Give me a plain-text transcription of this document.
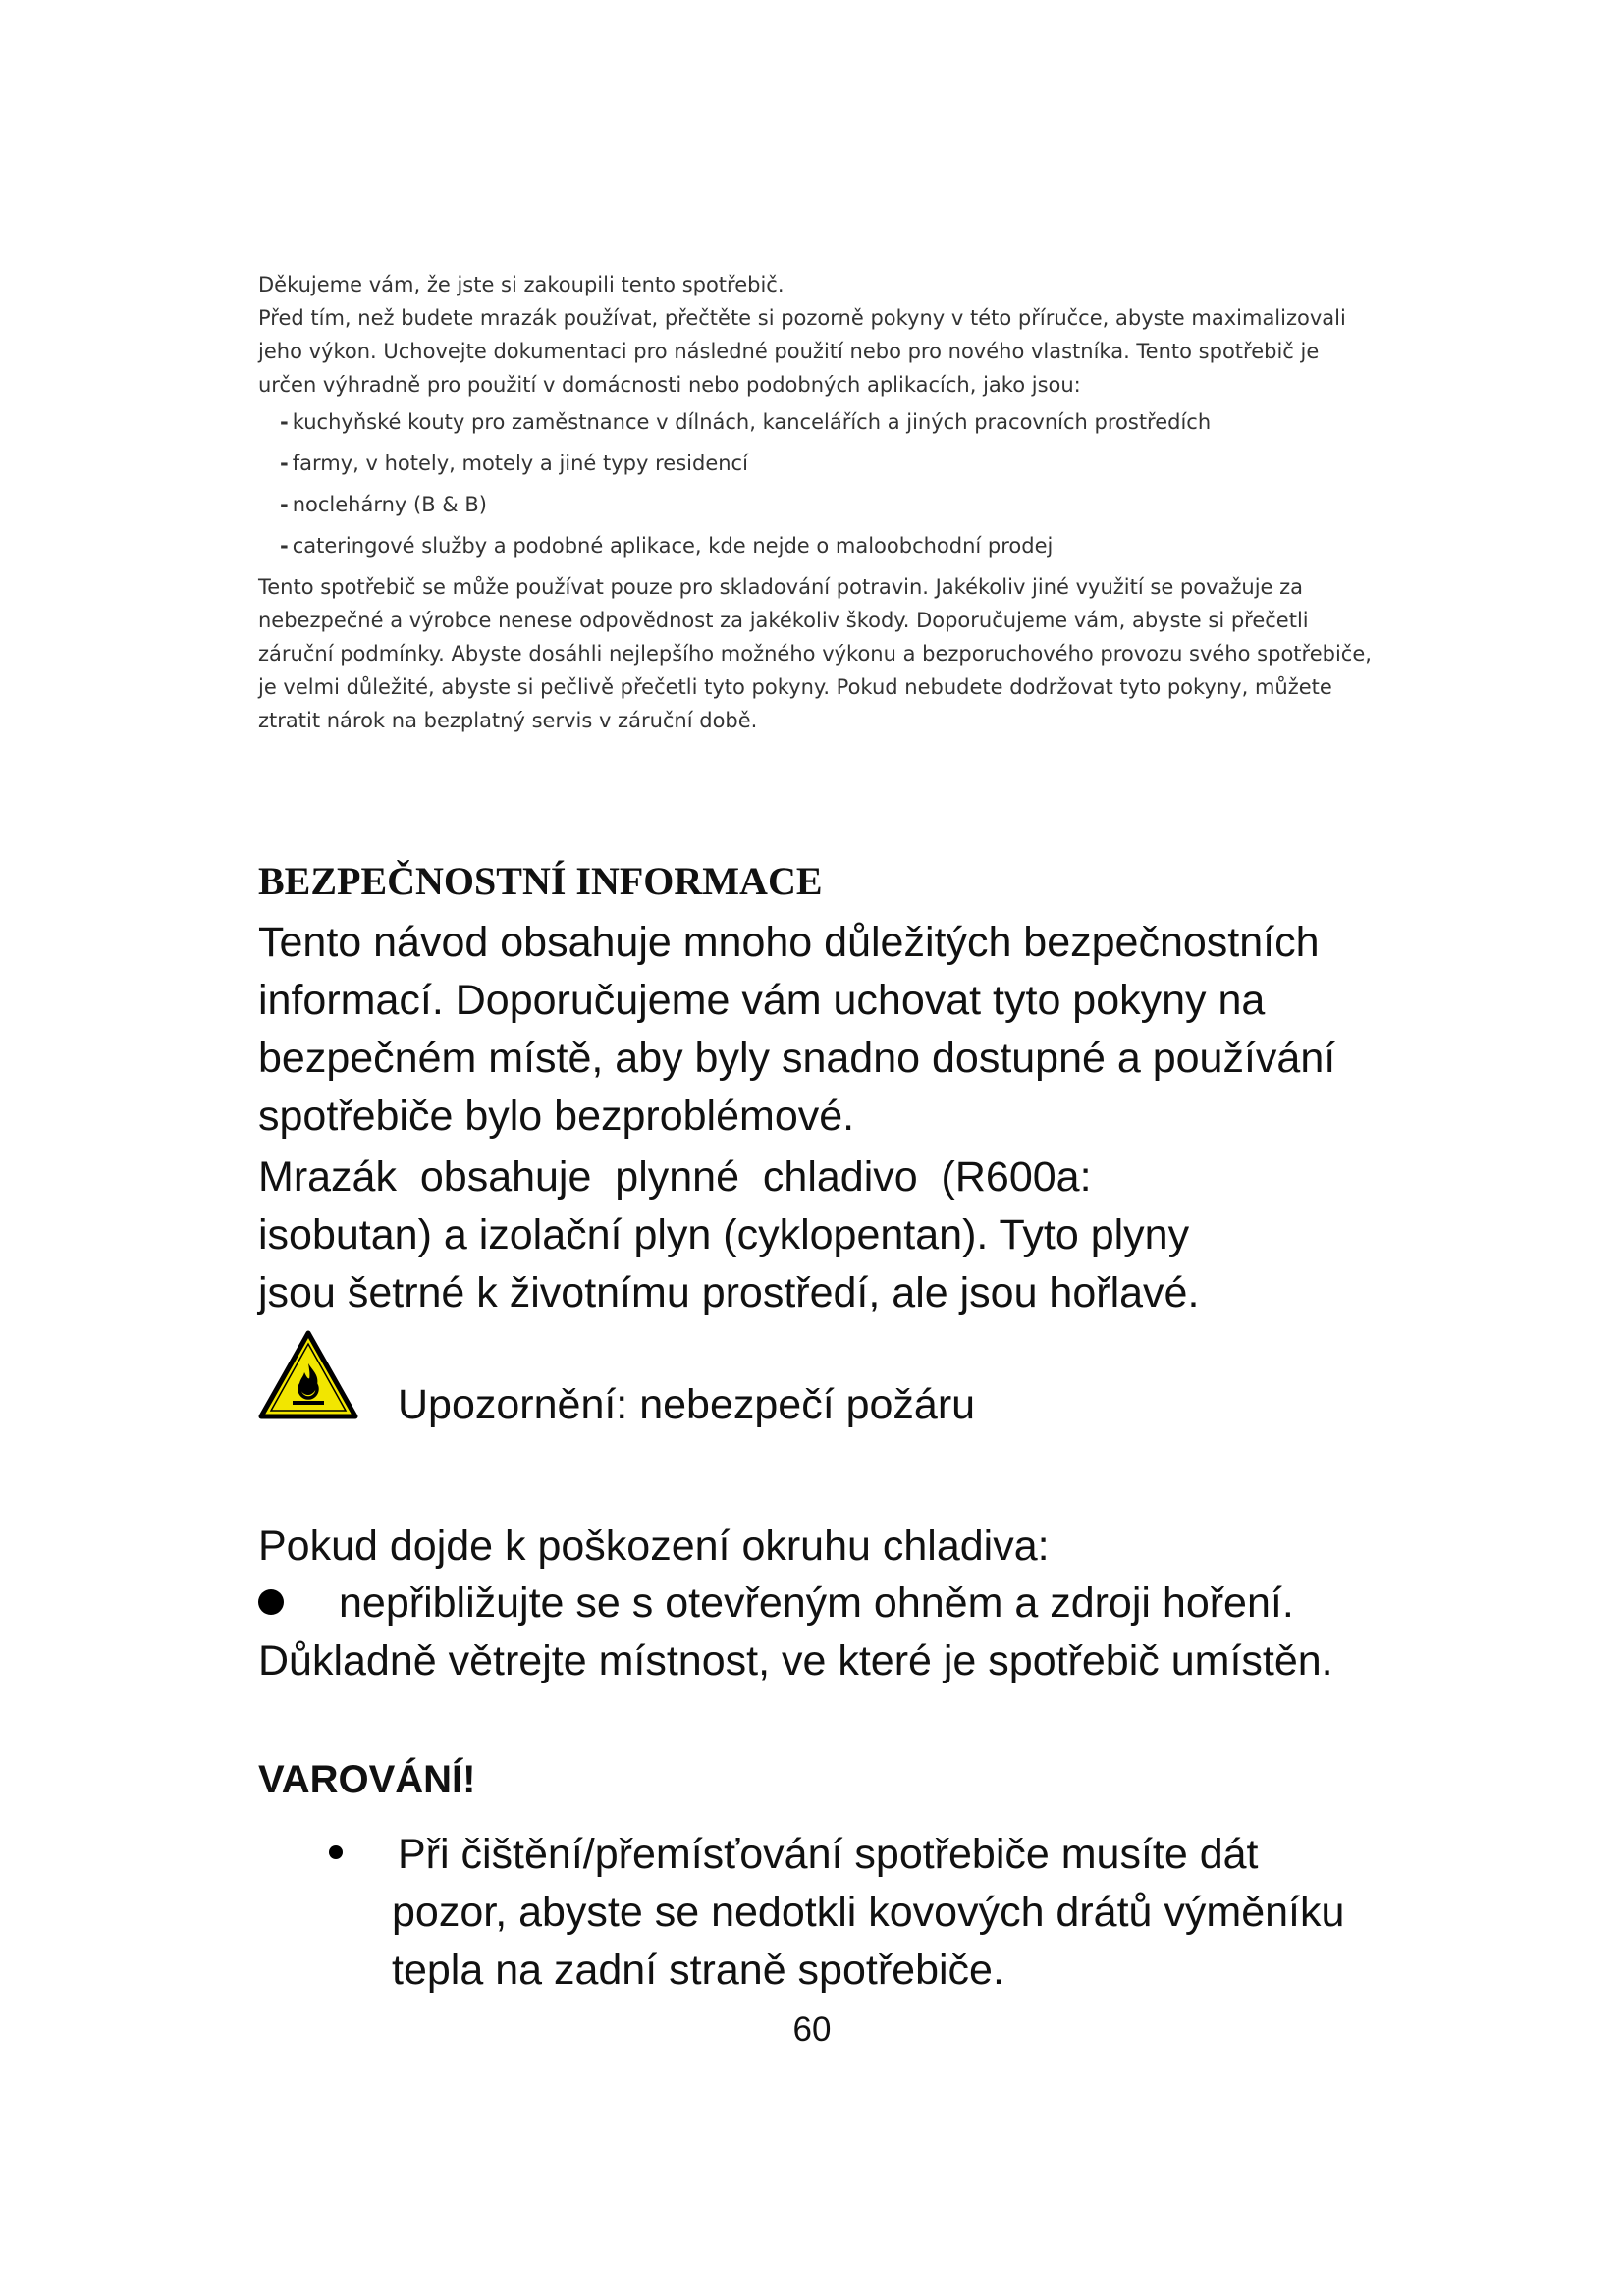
Děkujeme vám, že jste si zakoupili tento spotřebič.

Před tím, než budete mrazák používat, přečtěte si pozorně pokyny v této příručce, abyste maximalizovali jeho výkon. Uchovejte dokumentaci pro následné použití nebo pro nového vlastníka. Tento spotřebič je určen výhradně pro použití v domácnosti nebo podobných aplikacích, jako jsou:

- kuchyňské kouty pro zaměstnance v dílnách, kancelářích a jiných pracovních prostředích
- farmy, v hotely, motely a jiné typy residencí
- noclehárny (B & B)
- cateringové služby a podobné aplikace, kde nejde o maloobchodní prodej

Tento spotřebič se může používat pouze pro skladování potravin. Jakékoliv jiné využití se považuje za nebezpečné a výrobce nenese odpovědnost za jakékoliv škody. Doporučujeme vám, abyste si přečetli záruční podmínky. Abyste dosáhli nejlepšího možného výkonu a bezporuchového provozu svého spotřebiče, je velmi důležité, abyste si pečlivě přečetli tyto pokyny. Pokud nebudete dodržovat tyto pokyny, můžete ztratit nárok na bezplatný servis v záruční době.

BEZPEČNOSTNÍ INFORMACE

Tento návod obsahuje mnoho důležitých bezpečnostních informací. Doporučujeme vám uchovat tyto pokyny na bezpečném místě, aby byly snadno dostupné a používání spotřebiče bylo bezproblémové.

Mrazák  obsahuje  plynné  chladivo  (R600a:
isobutan) a izolační plyn (cyklopentan). Tyto plyny
jsou šetrné k životnímu prostředí, ale jsou hořlavé.
Upozornění: nebezpečí požáru
Pokud dojde k poškození okruhu chladiva:
nepřibližujte se s otevřeným ohněm a zdroji hoření. Důkladně větrejte místnost, ve které je spotřebič umístěn.
VAROVÁNÍ!
Při čištění/přemísťování spotřebiče musíte dát pozor, abyste se nedotkli kovových drátů výměníku tepla na zadní straně spotřebiče.
60
